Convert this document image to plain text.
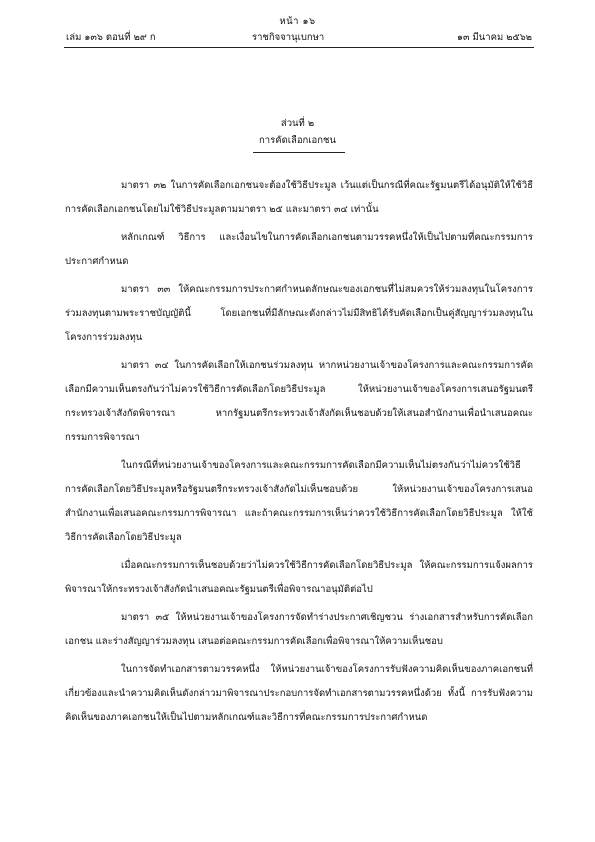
หน้า ๑๖
เล่ม ๑๓๖ ตอนที่ ๒๙ ก	ราชกิจจานุเบกษา	๑๓ มีนาคม ๒๕๖๒
ส่วนที่ ๒
การคัดเลือกเอกชน

มาตรา ๓๒ ในการคัดเลือกเอกชนจะต้องใช้วิธีประมูล เว้นแต่เป็นกรณีที่คณะรัฐมนตรีได้อนุมัติให้ใช้วิธีการคัดเลือกเอกชนโดยไม่ใช้วิธีประมูลตามมาตรา ๒๕ และมาตรา ๓๔ เท่านั้น

หลักเกณฑ์ วิธีการ และเงื่อนไขในการคัดเลือกเอกชนตามวรรคหนึ่งให้เป็นไปตามที่คณะกรรมการประกาศกำหนด

มาตรา ๓๓ ให้คณะกรรมการประกาศกำหนดลักษณะของเอกชนที่ไม่สมควรให้ร่วมลงทุนในโครงการร่วมลงทุนตามพระราชบัญญัตินี้ โดยเอกชนที่มีลักษณะดังกล่าวไม่มีสิทธิได้รับคัดเลือกเป็นคู่สัญญาร่วมลงทุนในโครงการร่วมลงทุน

มาตรา ๓๔ ในการคัดเลือกให้เอกชนร่วมลงทุน หากหน่วยงานเจ้าของโครงการและคณะกรรมการคัดเลือกมีความเห็นตรงกันว่าไม่ควรใช้วิธีการคัดเลือกโดยวิธีประมูล ให้หน่วยงานเจ้าของโครงการเสนอรัฐมนตรีกระทรวงเจ้าสังกัดพิจารณา หากรัฐมนตรีกระทรวงเจ้าสังกัดเห็นชอบด้วยให้เสนอสำนักงานเพื่อนำเสนอคณะกรรมการพิจารณา

ในกรณีที่หน่วยงานเจ้าของโครงการและคณะกรรมการคัดเลือกมีความเห็นไม่ตรงกันว่าไม่ควรใช้วิธีการคัดเลือกโดยวิธีประมูลหรือรัฐมนตรีกระทรวงเจ้าสังกัดไม่เห็นชอบด้วย ให้หน่วยงานเจ้าของโครงการเสนอสำนักงานเพื่อเสนอคณะกรรมการพิจารณา และถ้าคณะกรรมการเห็นว่าควรใช้วิธีการคัดเลือกโดยวิธีประมูล ให้ใช้วิธีการคัดเลือกโดยวิธีประมูล

เมื่อคณะกรรมการเห็นชอบด้วยว่าไม่ควรใช้วิธีการคัดเลือกโดยวิธีประมูล ให้คณะกรรมการแจ้งผลการพิจารณาให้กระทรวงเจ้าสังกัดนำเสนอคณะรัฐมนตรีเพื่อพิจารณาอนุมัติต่อไป

มาตรา ๓๕ ให้หน่วยงานเจ้าของโครงการจัดทำร่างประกาศเชิญชวน ร่างเอกสารสำหรับการคัดเลือกเอกชน และร่างสัญญาร่วมลงทุน เสนอต่อคณะกรรมการคัดเลือกเพื่อพิจารณาให้ความเห็นชอบ

ในการจัดทำเอกสารตามวรรคหนึ่ง ให้หน่วยงานเจ้าของโครงการรับฟังความคิดเห็นของภาคเอกชนที่เกี่ยวข้องและนำความคิดเห็นดังกล่าวมาพิจารณาประกอบการจัดทำเอกสารตามวรรคหนึ่งด้วย ทั้งนี้ การรับฟังความคิดเห็นของภาคเอกชนให้เป็นไปตามหลักเกณฑ์และวิธีการที่คณะกรรมการประกาศกำหนด
